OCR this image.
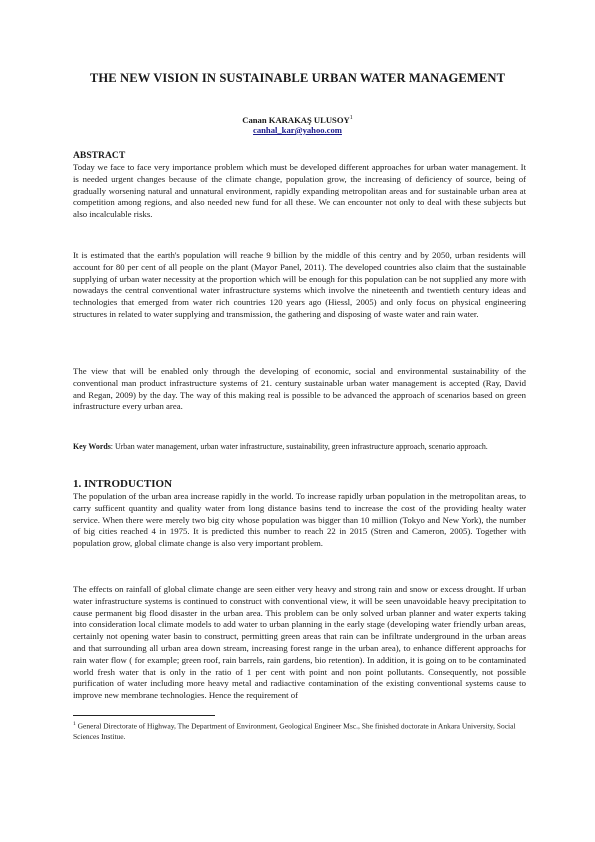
THE NEW VISION IN SUSTAINABLE URBAN WATER MANAGEMENT
Canan KARAKAŞ ULUSOY$^1$
canhal_kar@yahoo.com

ABSTRACT

Today we face to face very importance problem which must be developed different approaches for urban water management. It is needed urgent changes because of the climate change, population grow, the increasing of deficiency of source, being of gradually worsening natural and unnatural environment, rapidly expanding metropolitan areas and for sustainable urban area at competition among regions, and also needed new fund for all these. We can encounter not only to deal with these subjects but also incalculable risks.

It is estimated that the earth's population will reache 9 billion by the middle of this centry and by 2050, urban residents will account for 80 per cent of all people on the plant (Mayor Panel, 2011). The developed countries also claim that the sustainable supplying of urban water necessity at the proportion which will be enough for this population can be not supplied any more with nowadays the central conventional water infrastructure systems which involve the nineteenth and twentieth century ideas and technologies that emerged from water rich countries 120 years ago (Hiessl, 2005) and only focus on physical engineering structures in related to water supplying and transmission, the gathering and disposing of waste water and rain water.

The view that will be enabled only through the developing of economic, social and environmental sustainability of the conventional man product infrastructure systems of 21. century sustainable urban water management is accepted (Ray, David and Regan, 2009) by the day. The way of this making real is possible to be advanced the approach of scenarios based on green infrastructure every urban area.

Key Words: Urban water management, urban water infrastructure, sustainability, green infrastructure approach, scenario approach.

1. INTRODUCTION

The population of the urban area increase rapidly in the world. To increase rapidly urban population in the metropolitan areas, to carry sufficent quantity and quality water from long distance basins tend to increase the cost of the providing healty water service. When there were merely two big city whose population was bigger than 10 million (Tokyo and New York), the number of big cities reached 4 in 1975. It is predicted this number to reach 22 in 2015 (Stren and Cameron, 2005). Together with population grow, global climate change is also very important problem.

The effects on rainfall of global climate change are seen either very heavy and strong rain and snow or excess drought. If urban water infrastructure systems is continued to construct with conventional view, it will be seen unavoidable heavy precipitation to cause permanent big flood disaster in the urban area. This problem can be only solved urban planner and water experts taking into consideration local climate models to add water to urban planning in the early stage (developing water friendly urban areas, certainly not opening water basin to construct, permitting green areas that rain can be infiltrate underground in the urban areas and that surrounding all urban area down stream, increasing forest range in the urban area), to enhance different approachs for rain water flow ( for example; green roof, rain barrels, rain gardens, bio retention). In addition, it is going on to be contaminated world fresh water that is only in the ratio of 1 per cent with point and non point pollutants. Consequently, not possible purification of water including more heavy metal and radiactive contamination of the existing conventional systems cause to improve new membrane technologies. Hence the requirement of

$^1$ General Directorate of Highway, The Department of Environment, Geological Engineer Msc., She finished doctorate in Ankara University, Social Sciences Institue.
